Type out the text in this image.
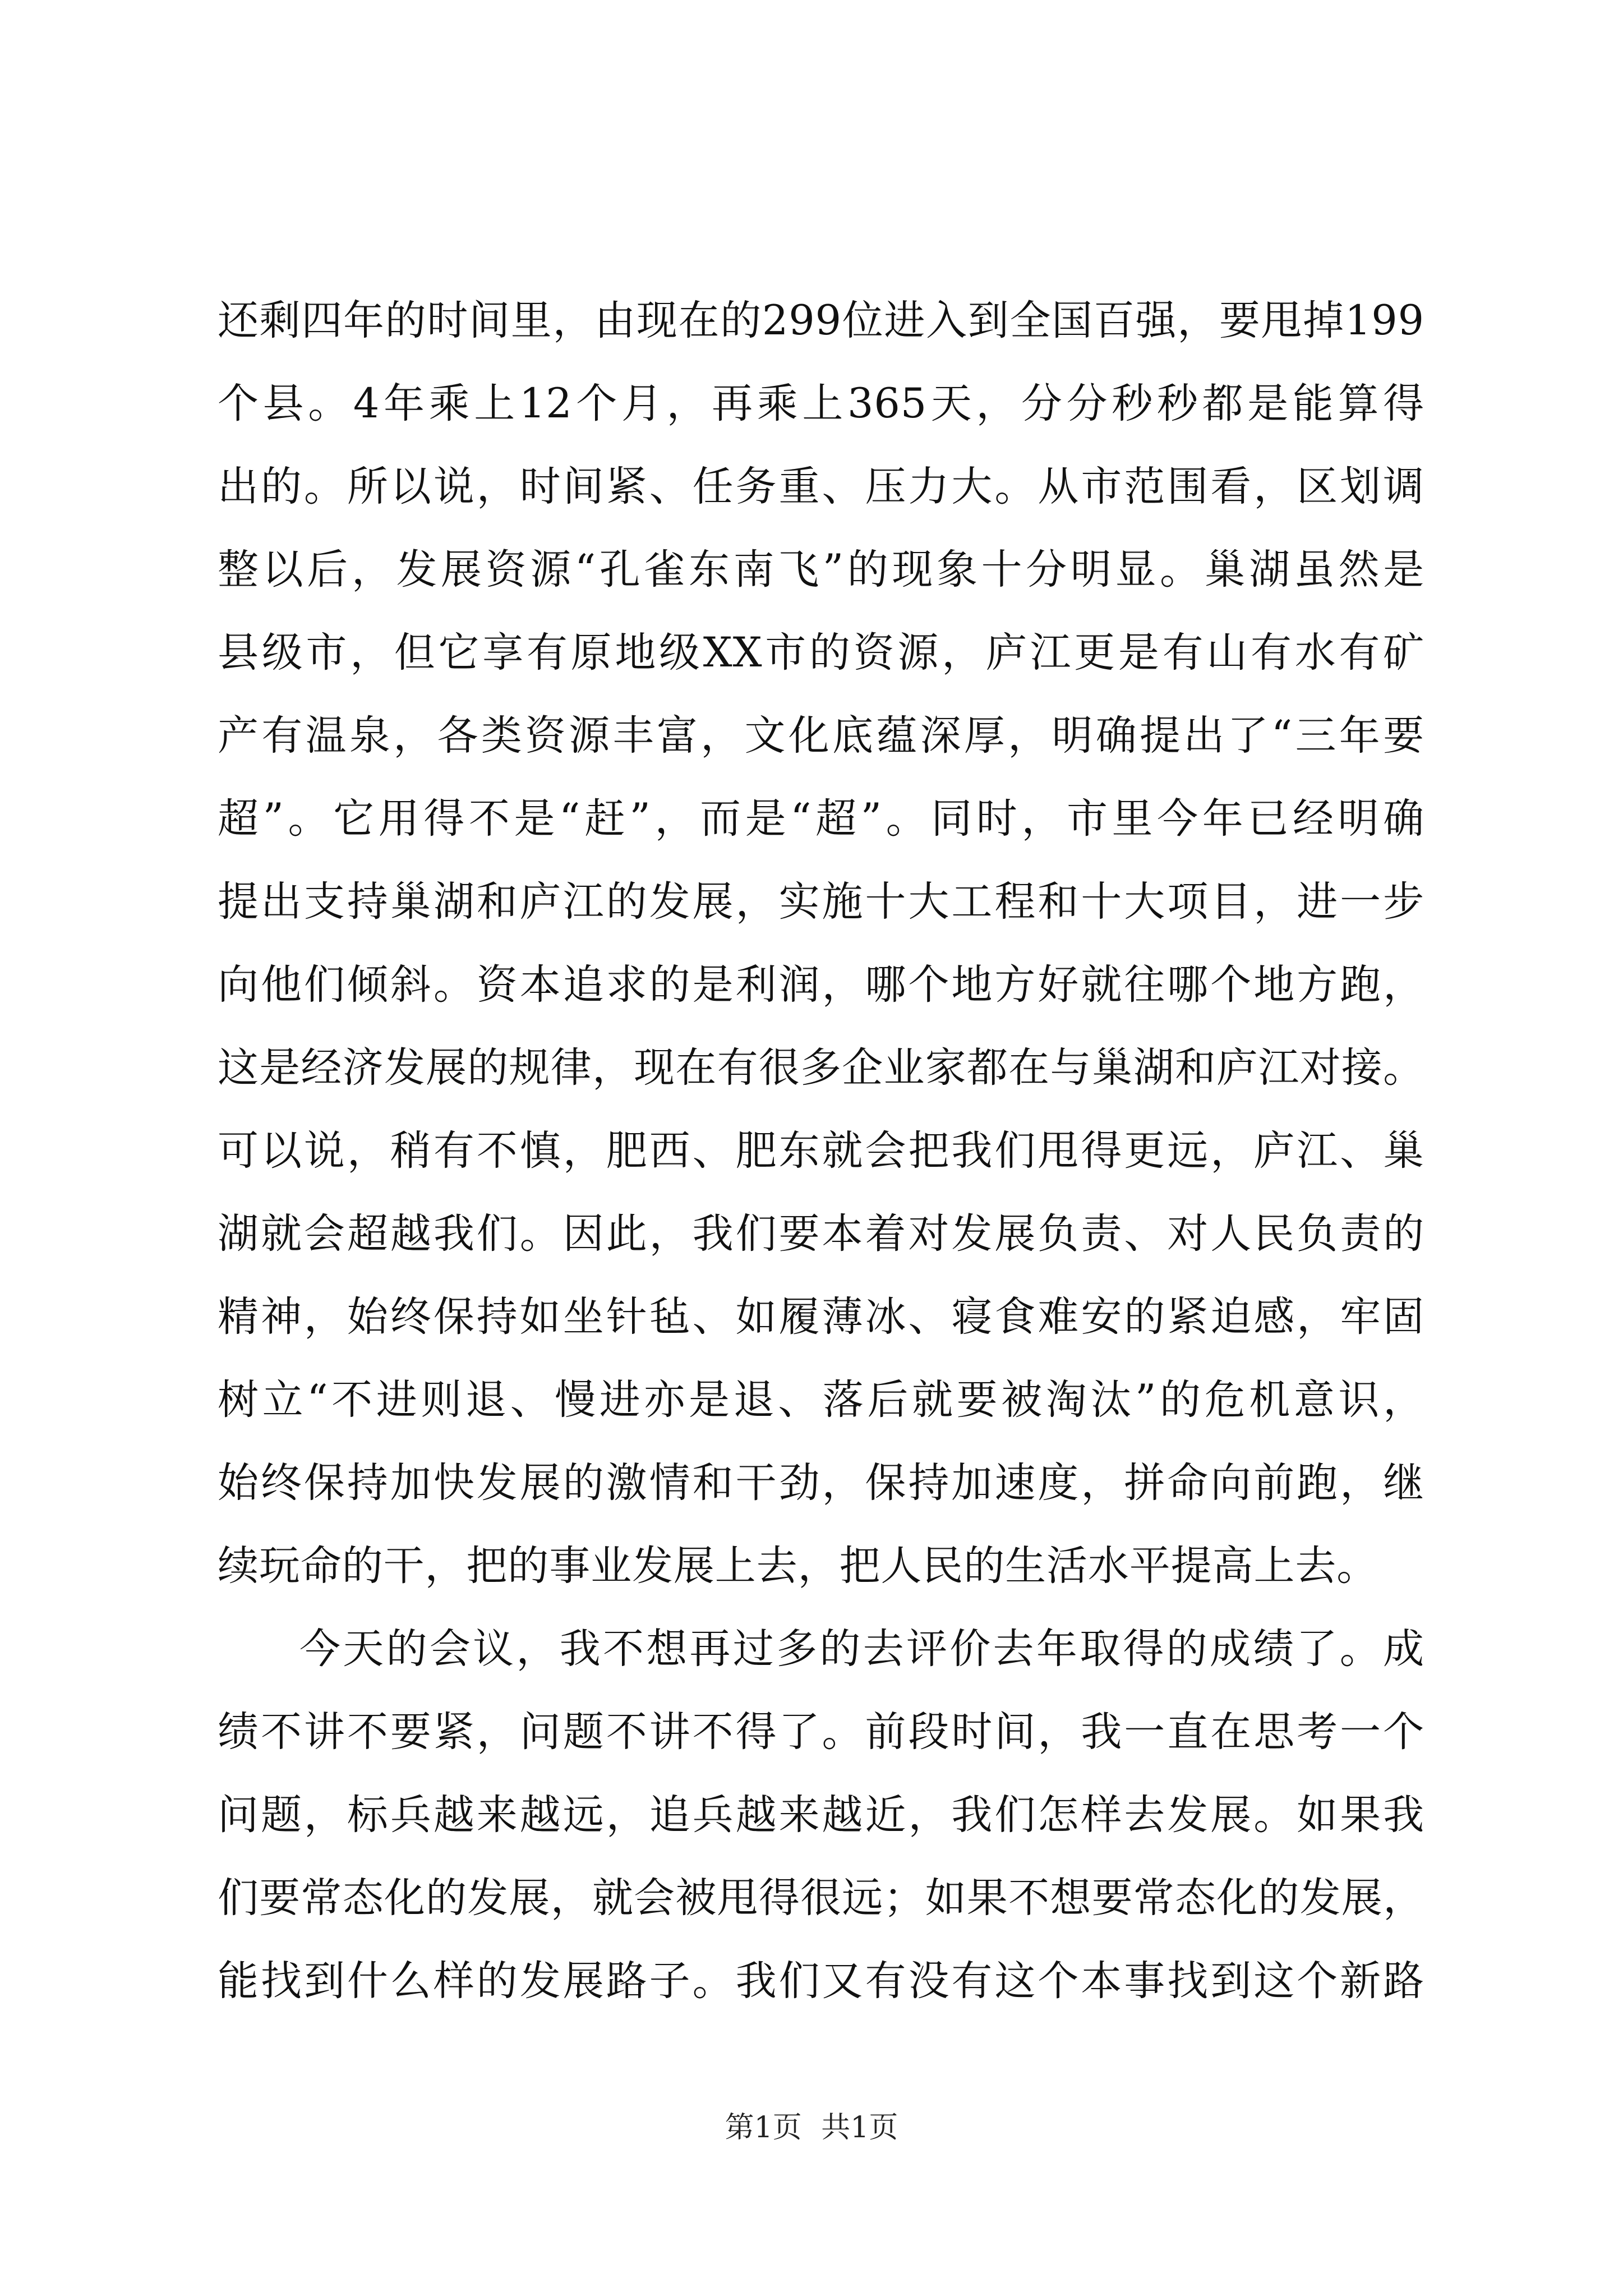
还剩四年的时间里，由现在的299位进入到全国百强，要甩掉199
个县。4年乘上12个月，再乘上365天，分分秒秒都是能算得
出的。所以说，时间紧、任务重、压力大。从市范围看，区划调
整以后，发展资源“孔雀东南飞”的现象十分明显。巢湖虽然是
县级市，但它享有原地级XX市的资源，庐江更是有山有水有矿
产有温泉，各类资源丰富，文化底蕴深厚，明确提出了“三年要
超”。它用得不是“赶”，而是“超”。同时，市里今年已经明确
提出支持巢湖和庐江的发展，实施十大工程和十大项目，进一步
向他们倾斜。资本追求的是利润，哪个地方好就往哪个地方跑，
这是经济发展的规律，现在有很多企业家都在与巢湖和庐江对接。
可以说，稍有不慎，肥西、肥东就会把我们甩得更远，庐江、巢
湖就会超越我们。因此，我们要本着对发展负责、对人民负责的
精神，始终保持如坐针毡、如履薄冰、寝食难安的紧迫感，牢固
树立“不进则退、慢进亦是退、落后就要被淘汰”的危机意识，
始终保持加快发展的激情和干劲，保持加速度，拼命向前跑，继
续玩命的干，把的事业发展上去，把人民的生活水平提高上去。
今天的会议，我不想再过多的去评价去年取得的成绩了。成
绩不讲不要紧，问题不讲不得了。前段时间，我一直在思考一个
问题，标兵越来越远，追兵越来越近，我们怎样去发展。如果我
们要常态化的发展，就会被甩得很远；如果不想要常态化的发展，
能找到什么样的发展路子。我们又有没有这个本事找到这个新路
第1页 共1页
